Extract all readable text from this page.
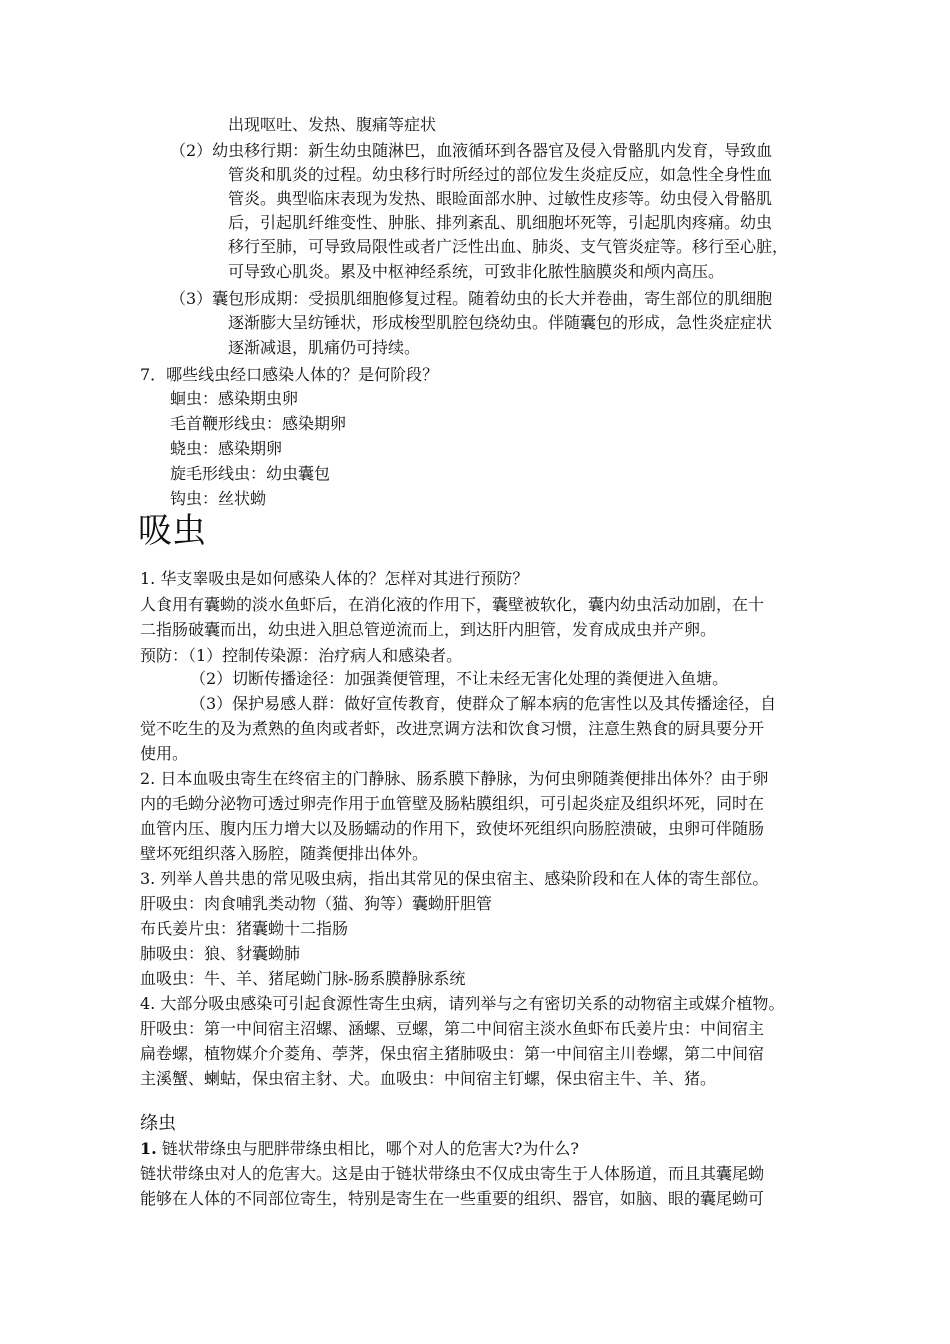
出现呕吐、发热、腹痛等症状
（2）幼虫移行期：新生幼虫随淋巴，血液循环到各器官及侵入骨骼肌内发育，导致血
管炎和肌炎的过程。幼虫移行时所经过的部位发生炎症反应，如急性全身性血
管炎。典型临床表现为发热、眼睑面部水肿、过敏性皮疹等。幼虫侵入骨骼肌
后，引起肌纤维变性、肿胀、排列紊乱、肌细胞坏死等，引起肌肉疼痛。幼虫
移行至肺，可导致局限性或者广泛性出血、肺炎、支气管炎症等。移行至心脏，
可导致心肌炎。累及中枢神经系统，可致非化脓性脑膜炎和颅内高压。
（3）囊包形成期：受损肌细胞修复过程。随着幼虫的长大并卷曲，寄生部位的肌细胞
逐渐膨大呈纺锤状，形成梭型肌腔包绕幼虫。伴随囊包的形成，急性炎症症状
逐渐减退，肌痛仍可持续。
7．哪些线虫经口感染人体的？是何阶段？
蛔虫：感染期虫卵
毛首鞭形线虫：感染期卵
蛲虫：感染期卵
旋毛形线虫：幼虫囊包
钩虫：丝状蚴
吸虫
1. 华支睾吸虫是如何感染人体的？怎样对其进行预防？
人食用有囊蚴的淡水鱼虾后，在消化液的作用下，囊壁被软化，囊内幼虫活动加剧，在十
二指肠破囊而出，幼虫进入胆总管逆流而上，到达肝内胆管，发育成成虫并产卵。
预防：（1）控制传染源：治疗病人和感染者。
（2）切断传播途径：加强粪便管理，不让未经无害化处理的粪便进入鱼塘。
（3）保护易感人群：做好宣传教育，使群众了解本病的危害性以及其传播途径，自
觉不吃生的及为煮熟的鱼肉或者虾，改进烹调方法和饮食习惯，注意生熟食的厨具要分开
使用。
2. 日本血吸虫寄生在终宿主的门静脉、肠系膜下静脉，为何虫卵随粪便排出体外？由于卵
内的毛蚴分泌物可透过卵壳作用于血管壁及肠粘膜组织，可引起炎症及组织坏死，同时在
血管内压、腹内压力增大以及肠蠕动的作用下，致使坏死组织向肠腔溃破，虫卵可伴随肠
壁坏死组织落入肠腔，随粪便排出体外。
3. 列举人兽共患的常见吸虫病，指出其常见的保虫宿主、感染阶段和在人体的寄生部位。
肝吸虫：肉食哺乳类动物（猫、狗等）囊蚴肝胆管
布氏姜片虫：猪囊蚴十二指肠
肺吸虫：狼、豺囊蚴肺
血吸虫：牛、羊、猪尾蚴门脉-肠系膜静脉系统
4. 大部分吸虫感染可引起食源性寄生虫病，请列举与之有密切关系的动物宿主或媒介植物。
肝吸虫：第一中间宿主沼螺、涵螺、豆螺，第二中间宿主淡水鱼虾布氏姜片虫：中间宿主
扁卷螺，植物媒介介菱角、荸荠，保虫宿主猪肺吸虫：第一中间宿主川卷螺，第二中间宿
主溪蟹、蝲蛄，保虫宿主豺、犬。血吸虫：中间宿主钉螺，保虫宿主牛、羊、猪。
绦虫
1. 链状带绦虫与肥胖带绦虫相比，哪个对人的危害大?为什么?
链状带绦虫对人的危害大。这是由于链状带绦虫不仅成虫寄生于人体肠道，而且其囊尾蚴
能够在人体的不同部位寄生，特别是寄生在一些重要的组织、器官，如脑、眼的囊尾蚴可
